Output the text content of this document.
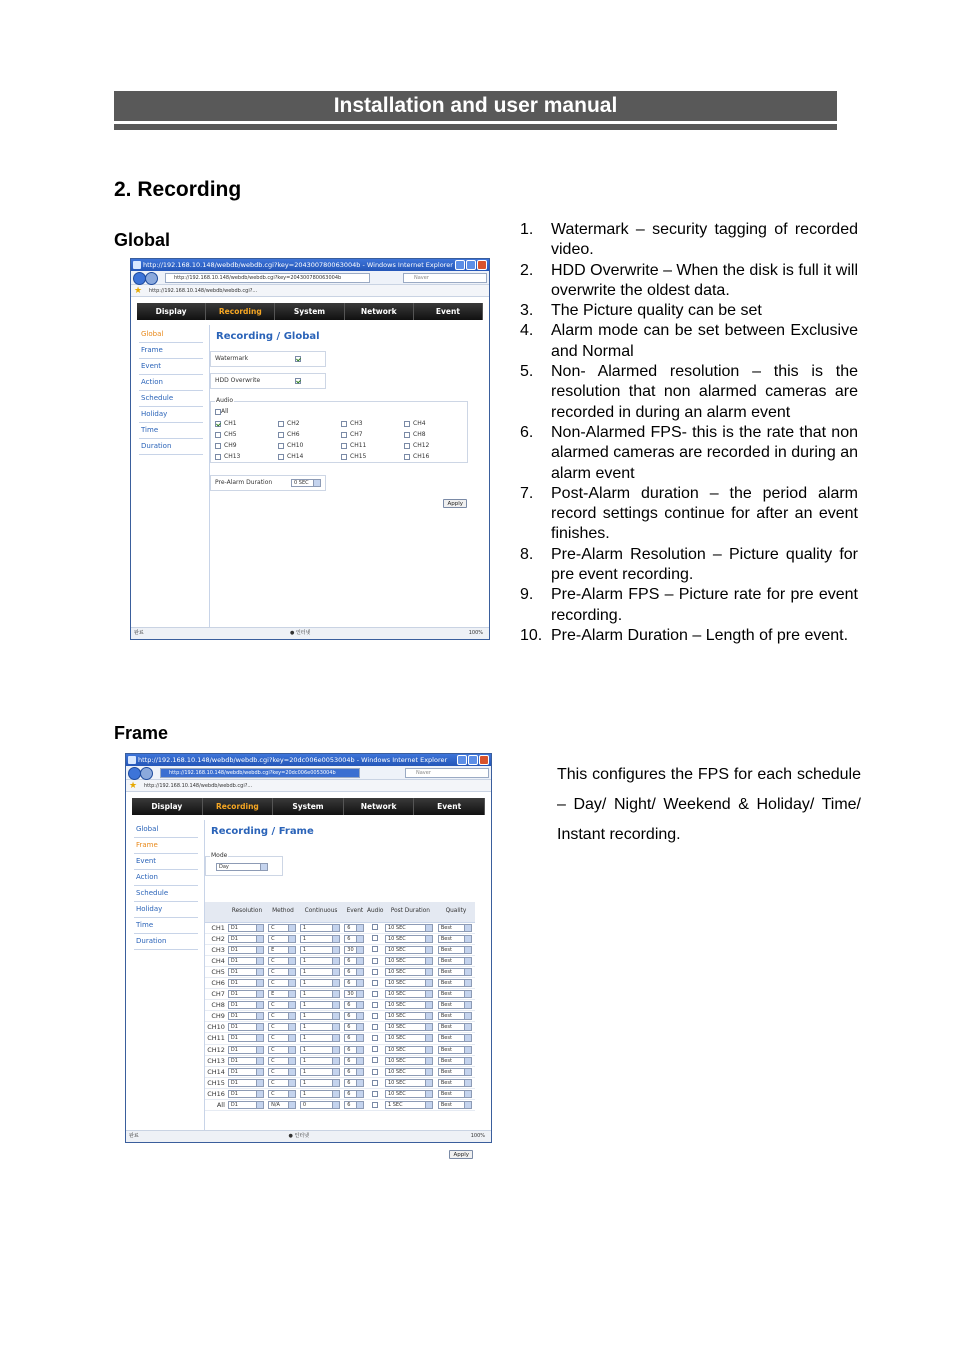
Installation and user manual
2. Recording
Global
Frame
1.	Watermark – security tagging of recorded video.
2.	HDD Overwrite – When the disk is full it will overwrite the oldest data.
3.	The Picture quality can be set
4.	Alarm mode can be set between Exclusive and Normal
5.	Non- Alarmed resolution – this is the resolution that non alarmed cameras are recorded in during an alarm event
6.	Non-Alarmed FPS- this is the rate that non alarmed cameras are recorded in during an alarm event
7.	Post-Alarm duration – the period alarm record settings continue for after an event finishes.
8.	Pre-Alarm Resolution – Picture quality for pre event recording.
9.	Pre-Alarm FPS – Picture rate for pre event recording.
10. Pre-Alarm Duration – Length of pre event.
This configures the FPS for each schedule – Day/ Night/ Weekend & Holiday/ Time/ Instant recording.
http://192.168.10.148/webdb/webdb.cgi?key=204300780063004b - Windows Internet Explorer
http://192.168.10.148/webdb/webdb.cgi?key=204300780063004b	Naver
★ http://192.168.10.148/webdb/webdb.cgi?...
Display	Recording	System	Network	Event
Global
Frame
Event
Action
Schedule
Holiday
Time
Duration
Recording / Global
Watermark
HDD Overwrite
Audio
All
CH1	CH2	CH3	CH4
CH5	CH6	CH7	CH8
CH9	CH10	CH11	CH12
CH13	CH14	CH15	CH16
Pre-Alarm Duration	0 SEC
Apply
완료	● 인터넷	100%
http://192.168.10.148/webdb/webdb.cgi?key=20dc006e0053004b - Windows Internet Explorer
http://192.168.10.148/webdb/webdb.cgi?key=20dc006e0053004b	Naver
★ http://192.168.10.148/webdb/webdb.cgi?...
Display	Recording	System	Network	Event
Global
Frame
Event
Action
Schedule
Holiday
Time
Duration
Recording / Frame
Mode
Day
	Resolution	Method	Continuous	Event	Audio	Post Duration	Quality
CH1	D1	C	1	6		10 SEC	Best
CH2	D1	C	1	6		10 SEC	Best
CH3	D1	E	1	30		10 SEC	Best
CH4	D1	C	1	6		10 SEC	Best
CH5	D1	C	1	6		10 SEC	Best
CH6	D1	C	1	6		10 SEC	Best
CH7	D1	E	1	30		10 SEC	Best
CH8	D1	C	1	6		10 SEC	Best
CH9	D1	C	1	6		10 SEC	Best
CH10	D1	C	1	6		10 SEC	Best
CH11	D1	C	1	6		10 SEC	Best
CH12	D1	C	1	6		10 SEC	Best
CH13	D1	C	1	6		10 SEC	Best
CH14	D1	C	1	6		10 SEC	Best
CH15	D1	C	1	6		10 SEC	Best
CH16	D1	C	1	6		10 SEC	Best
All	D1	N/A	0	6		1 SEC	Best
Apply
완료	● 인터넷	100%
